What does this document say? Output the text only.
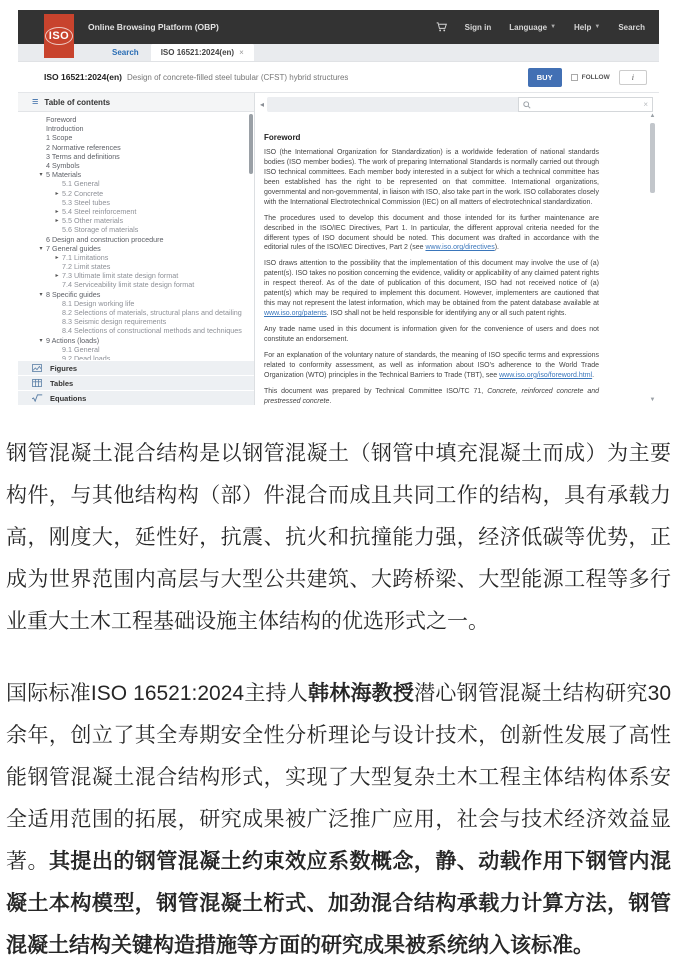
ISO
Online Browsing Platform (OBP)	Sign in Language ▼ Help ▼ Search
Search	ISO 16521:2024(en) ×
ISO 16521:2024(en) Design of concrete-filled steel tubular (CFST) hybrid structures	BUY	FOLLOW	i
≡ Table of contents
Foreword
Introduction
1 Scope
2 Normative references
3 Terms and definitions
4 Symbols
▾ 5 Materials
5.1 General
▸ 5.2 Concrete
5.3 Steel tubes
▸ 5.4 Steel reinforcement
▸ 5.5 Other materials
5.6 Storage of materials
6 Design and construction procedure
▾ 7 General guides
▸ 7.1 Limitations
7.2 Limit states
▸ 7.3 Ultimate limit state design format
7.4 Serviceability limit state design format
▾ 8 Specific guides
8.1 Design working life
8.2 Selections of materials, structural plans and detailing
8.3 Seismic design requirements
8.4 Selections of constructional methods and techniques
▾ 9 Actions (loads)
9.1 General
9.2 Dead loads
Figures
Tables
Equations
◂	×
Foreword

ISO (the International Organization for Standardization) is a worldwide federation of national standards bodies (ISO member bodies). The work of preparing International Standards is normally carried out through ISO technical committees. Each member body interested in a subject for which a technical committee has been established has the right to be represented on that committee. International organizations, governmental and non-governmental, in liaison with ISO, also take part in the work. ISO collaborates closely with the International Electrotechnical Commission (IEC) on all matters of electrotechnical standardization.

The procedures used to develop this document and those intended for its further maintenance are described in the ISO/IEC Directives, Part 1. In particular, the different approval criteria needed for the different types of ISO document should be noted. This document was drafted in accordance with the editorial rules of the ISO/IEC Directives, Part 2 (see www.iso.org/directives).

ISO draws attention to the possibility that the implementation of this document may involve the use of (a) patent(s). ISO takes no position concerning the evidence, validity or applicability of any claimed patent rights in respect thereof. As of the date of publication of this document, ISO had not received notice of (a) patent(s) which may be required to implement this document. However, implementers are cautioned that this may not represent the latest information, which may be obtained from the patent database available at www.iso.org/patents. ISO shall not be held responsible for identifying any or all such patent rights.

Any trade name used in this document is information given for the convenience of users and does not constitute an endorsement.

For an explanation of the voluntary nature of standards, the meaning of ISO specific terms and expressions related to conformity assessment, as well as information about ISO's adherence to the World Trade Organization (WTO) principles in the Technical Barriers to Trade (TBT), see www.iso.org/iso/foreword.html.

This document was prepared by Technical Committee ISO/TC 71, Concrete, reinforced concrete and prestressed concrete.

▲
▼

钢管混凝土混合结构是以钢管混凝土（钢管中填充混凝土而成）为主要构件，与其他结构构（部）件混合而成且共同工作的结构，具有承载力高，刚度大，延性好，抗震、抗火和抗撞能力强，经济低碳等优势，正成为世界范围内高层与大型公共建筑、大跨桥梁、大型能源工程等多行业重大土木工程基础设施主体结构的优选形式之一。

国际标准ISO 16521:2024主持人韩林海教授潜心钢管混凝土结构研究30余年，创立了其全寿期安全性分析理论与设计技术，创新性发展了高性能钢管混凝土混合结构形式，实现了大型复杂土木工程主体结构体系安全适用范围的拓展，研究成果被广泛推广应用，社会与技术经济效益显著。其提出的钢管混凝土约束效应系数概念，静、动载作用下钢管内混凝土本构模型，钢管混凝土桁式、加劲混合结构承载力计算方法，钢管混凝土结构关键构造措施等方面的研究成果被系统纳入该标准。
